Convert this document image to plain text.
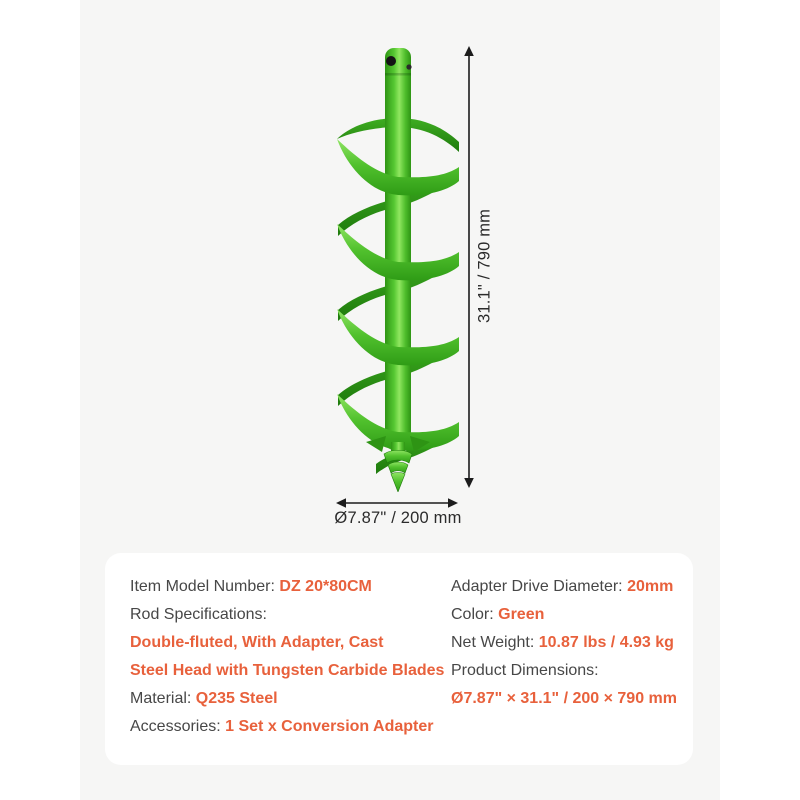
31.1" / 790 mm
Ø7.87" / 200 mm
Item Model Number: DZ 20*80CM
Rod Specifications:
Double-fluted, With Adapter, Cast
Steel Head with Tungsten Carbide Blades
Material: Q235 Steel
Accessories: 1 Set x Conversion Adapter
Adapter Drive Diameter: 20mm
Color: Green
Net Weight: 10.87 lbs / 4.93 kg
Product Dimensions:
Ø7.87" × 31.1" / 200 × 790 mm
